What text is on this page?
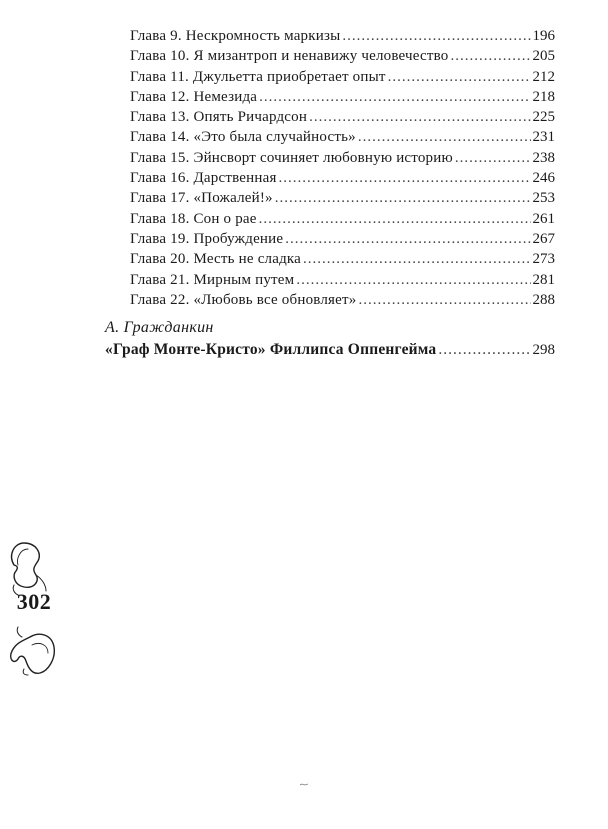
Глава 9. Нескромность маркизы .....	196
Глава 10. Я мизантроп и ненавижу человечество .....	205
Глава 11. Джульетта приобретает опыт .....	212
Глава 12. Немезида .....	218
Глава 13. Опять Ричардсон .....	225
Глава 14. «Это была случайность» .....	231
Глава 15. Эйнсворт сочиняет любовную историю .....	238
Глава 16. Дарственная .....	246
Глава 17. «Пожалей!» .....	253
Глава 18. Сон о рае .....	261
Глава 19. Пробуждение .....	267
Глава 20. Месть не сладка .....	273
Глава 21. Мирным путем .....	281
Глава 22. «Любовь все обновляет» .....	288
А. Гражданкин
«Граф Монте-Кристо» Филлипса Оппенгейма .....	298
302
